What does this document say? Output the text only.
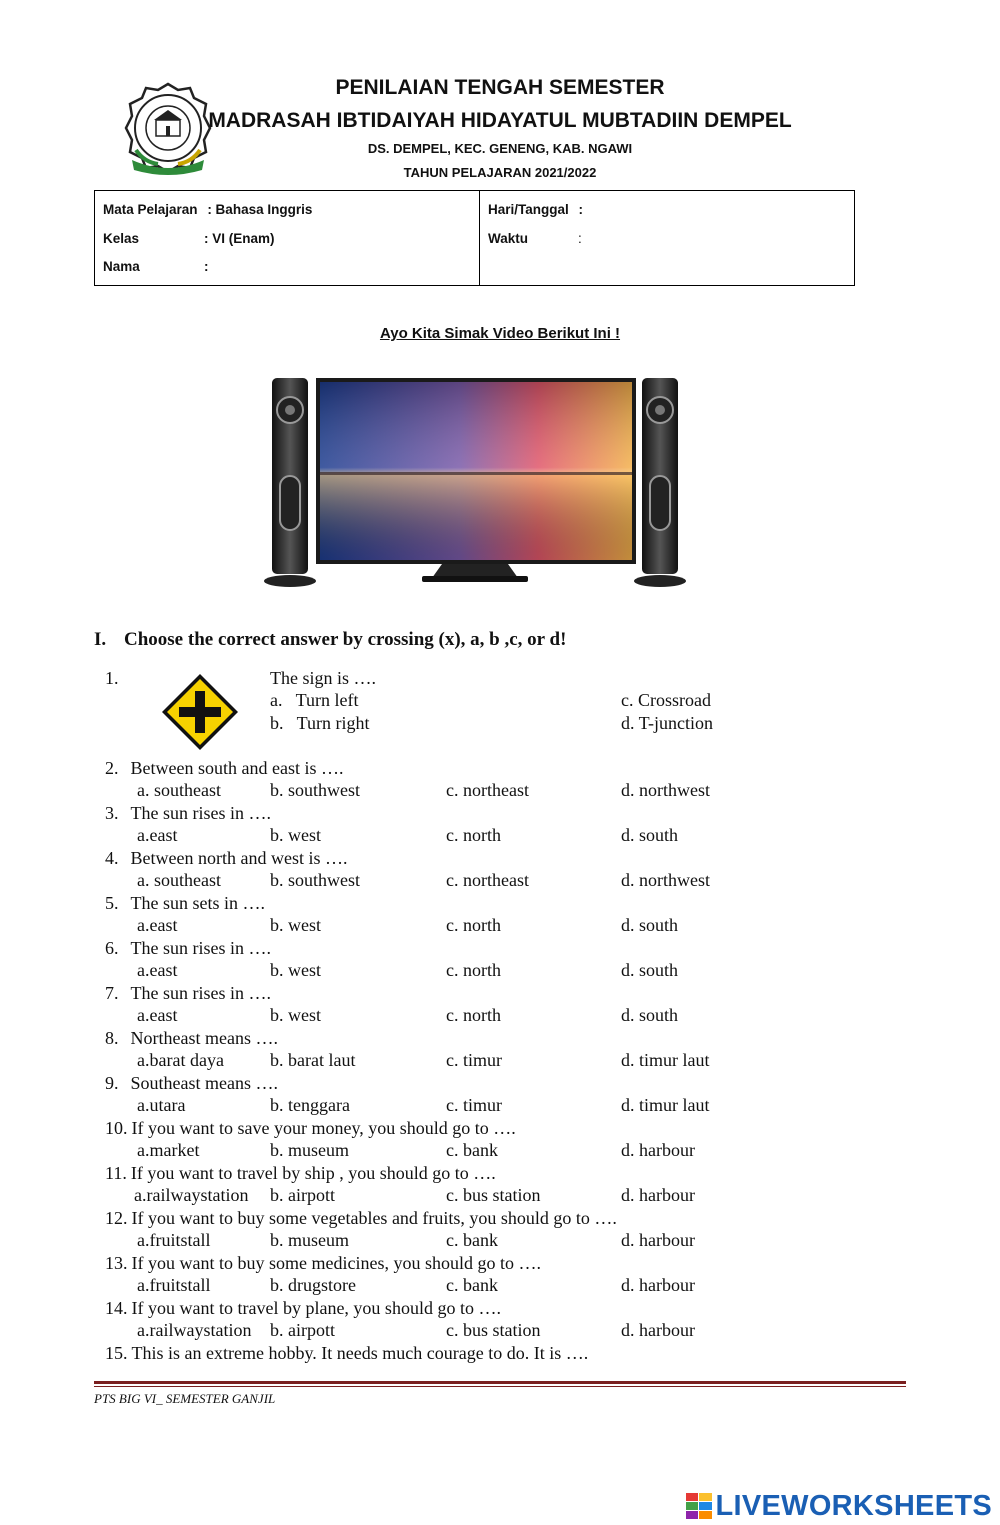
PENILAIAN TENGAH SEMESTER
MADRASAH IBTIDAIYAH HIDAYATUL MUBTADIIN DEMPEL
DS. DEMPEL, KEC. GENENG, KAB. NGAWI
TAHUN PELAJARAN 2021/2022
Mata Pelajaran : Bahasa Inggris
Kelas	: VI (Enam)
Nama	:
Hari/Tanggal :
Waktu	:
Ayo Kita Simak Video Berikut Ini !
I. Choose the correct answer by crossing (x), a, b ,c, or d!
1.	The sign is ….
a.   Turn left	c. Crossroad
b.   Turn right	d. T-junction
2. Between south and east is ….
a. southeast	b. southwest	c. northeast	d. northwest
3. The sun rises in ….
a.east	b. west	c. north	d. south
4. Between north and west is ….
a. southeast	b. southwest	c. northeast	d. northwest
5. The sun sets in ….
a.east	b. west	c. north	d. south
6. The sun rises in ….
a.east	b. west	c. north	d. south
7. The sun rises in ….
a.east	b. west	c. north	d. south
8. Northeast means ….
a.barat daya	b. barat laut	c. timur	d. timur laut
9. Southeast means ….
a.utara	b. tenggara	c. timur	d. timur laut
10. If you want to save your money, you should go to ….
a.market	b. museum	c. bank	d. harbour
11. If you want to travel by ship , you should go to ….
a.railwaystation b. airpott	c. bus station	d. harbour
12. If you want to buy some vegetables and fruits, you should go to ….
a.fruitstall	b. museum	c. bank	d. harbour
13. If you want to buy some medicines, you should go to ….
a.fruitstall	b. drugstore	c. bank	d. harbour
14. If you want to travel by plane, you should go to ….
a.railwaystation b. airpott	c. bus station	d. harbour
15. This is an extreme hobby. It needs much courage to do. It is ….
PTS BIG VI_ SEMESTER GANJIL
LIVEWORKSHEETS
